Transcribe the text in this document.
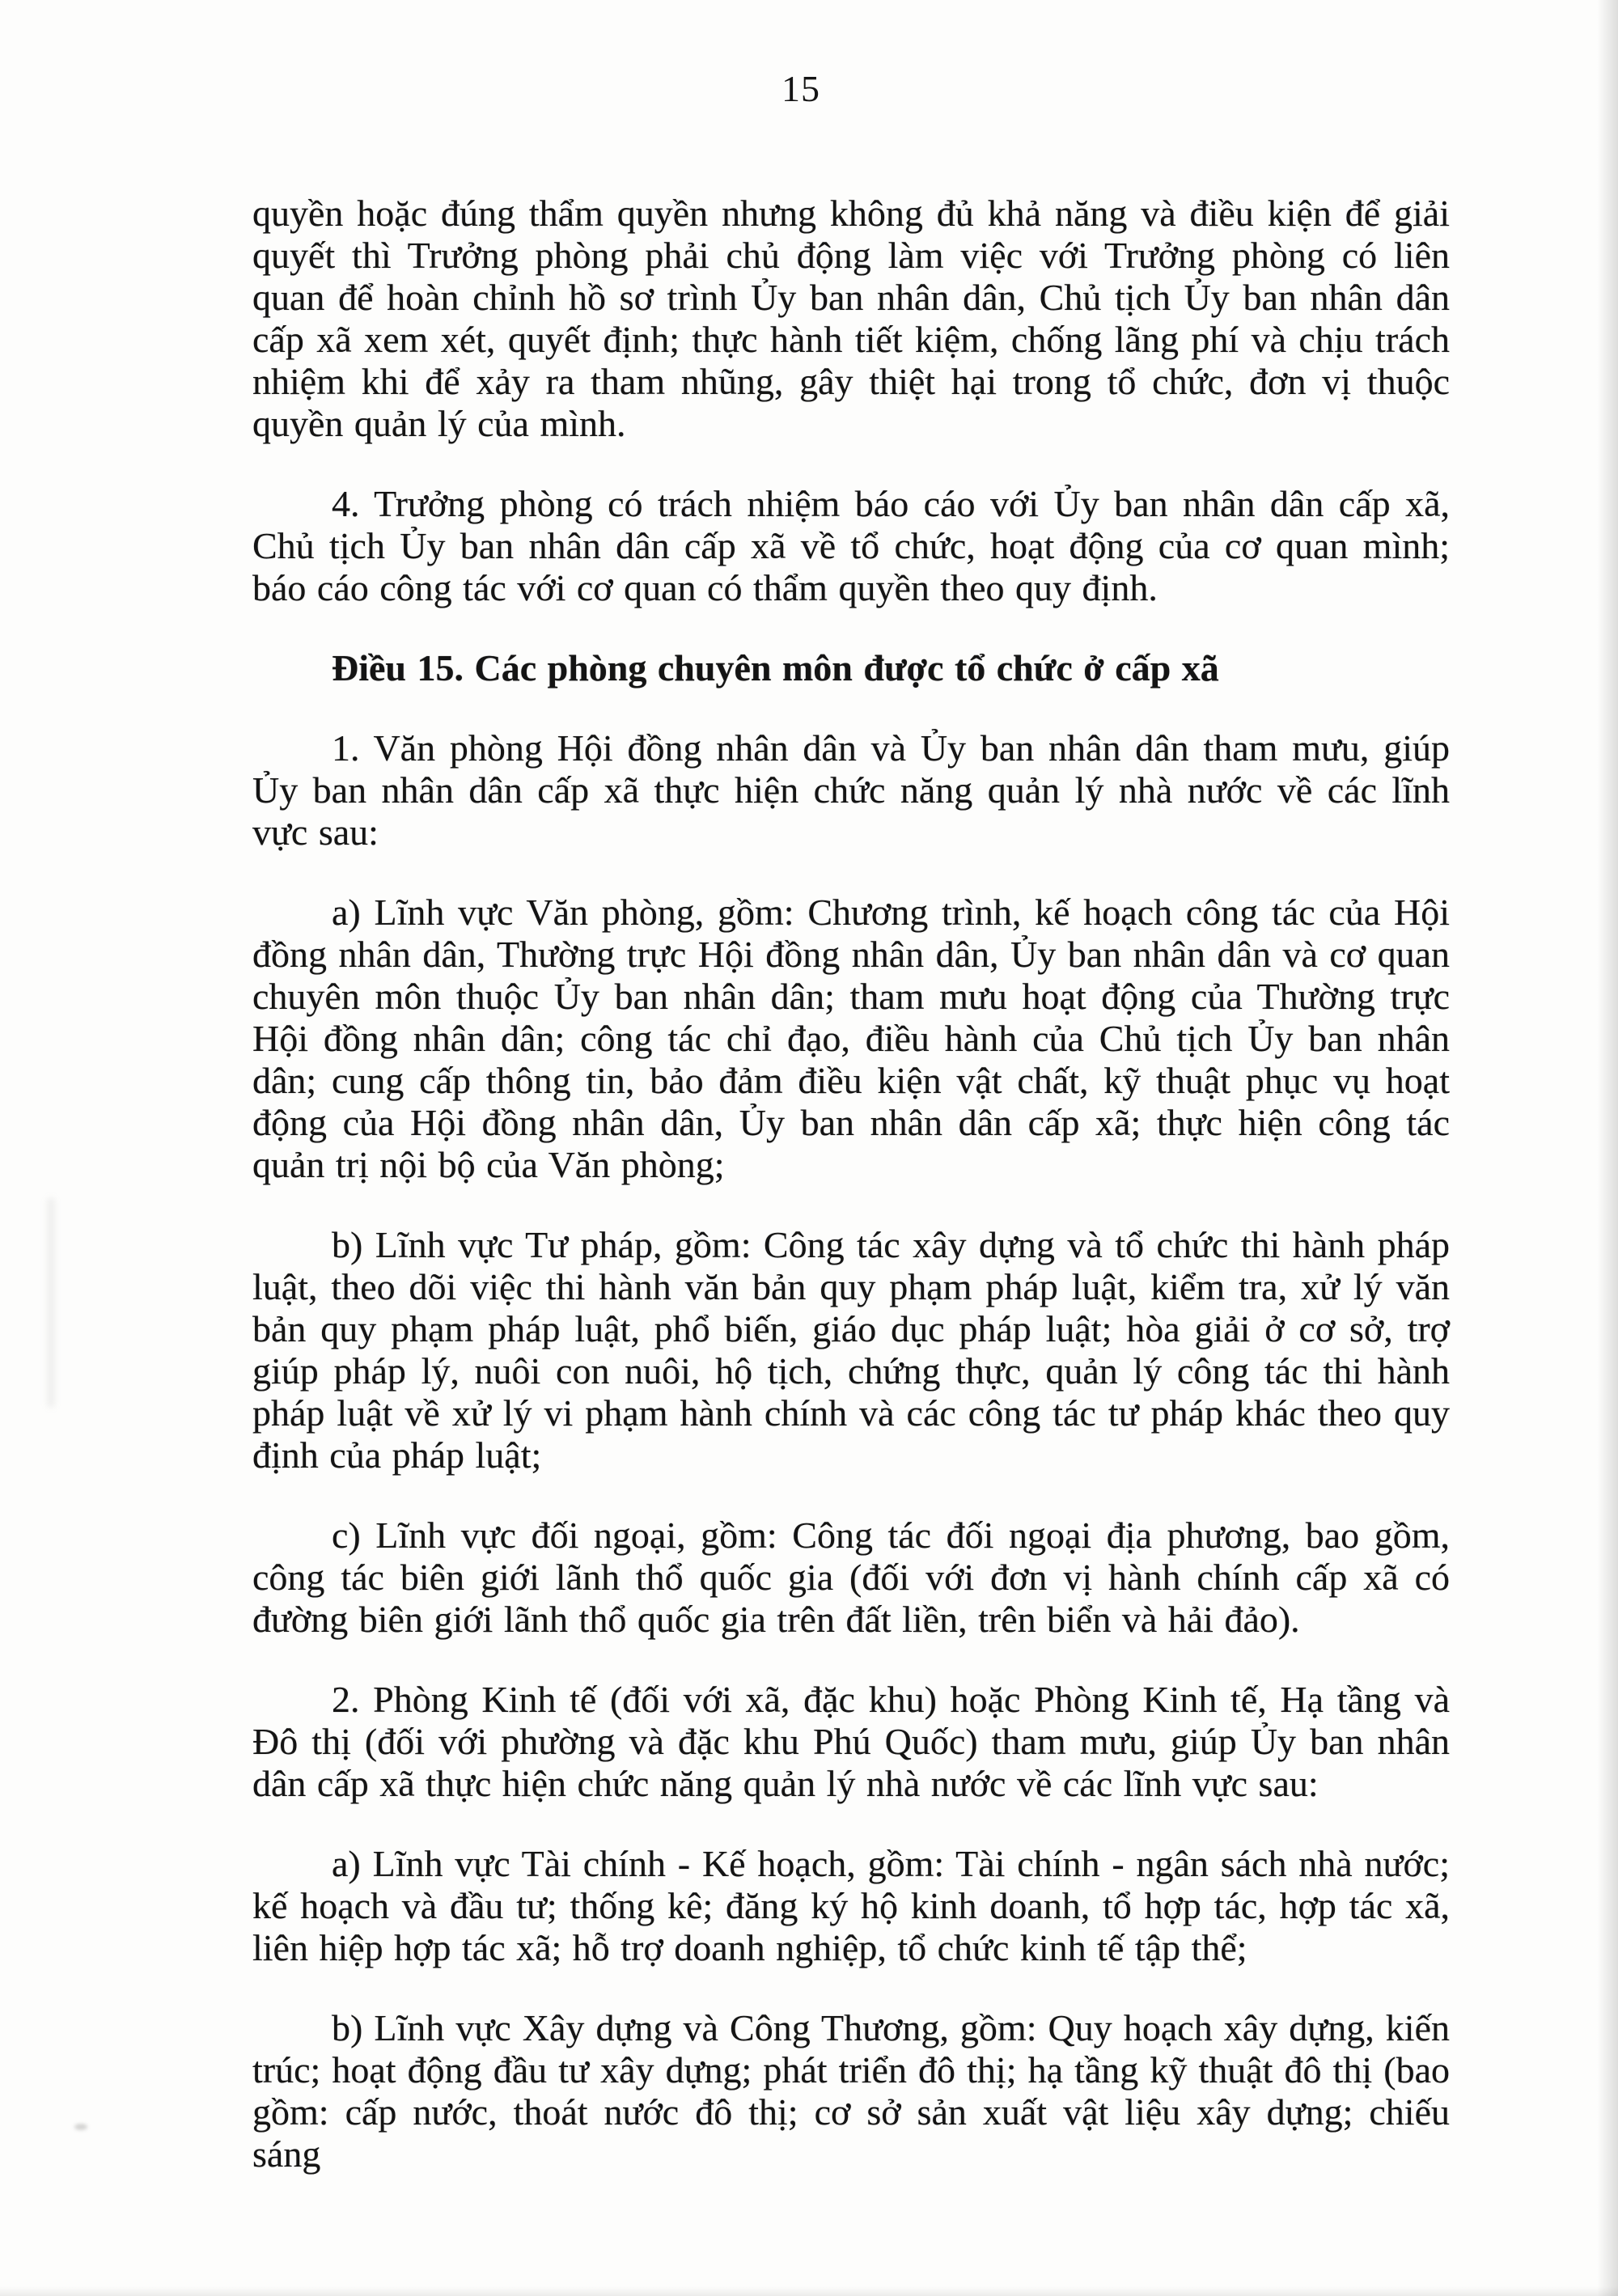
15

quyền hoặc đúng thẩm quyền nhưng không đủ khả năng và điều kiện để giải quyết thì Trưởng phòng phải chủ động làm việc với Trưởng phòng có liên quan để hoàn chỉnh hồ sơ trình Ủy ban nhân dân, Chủ tịch Ủy ban nhân dân cấp xã xem xét, quyết định; thực hành tiết kiệm, chống lãng phí và chịu trách nhiệm khi để xảy ra tham nhũng, gây thiệt hại trong tổ chức, đơn vị thuộc quyền quản lý của mình.

4. Trưởng phòng có trách nhiệm báo cáo với Ủy ban nhân dân cấp xã, Chủ tịch Ủy ban nhân dân cấp xã về tổ chức, hoạt động của cơ quan mình; báo cáo công tác với cơ quan có thẩm quyền theo quy định.

Điều 15. Các phòng chuyên môn được tổ chức ở cấp xã

1. Văn phòng Hội đồng nhân dân và Ủy ban nhân dân tham mưu, giúp Ủy ban nhân dân cấp xã thực hiện chức năng quản lý nhà nước về các lĩnh vực sau:

a) Lĩnh vực Văn phòng, gồm: Chương trình, kế hoạch công tác của Hội đồng nhân dân, Thường trực Hội đồng nhân dân, Ủy ban nhân dân và cơ quan chuyên môn thuộc Ủy ban nhân dân; tham mưu hoạt động của Thường trực Hội đồng nhân dân; công tác chỉ đạo, điều hành của Chủ tịch Ủy ban nhân dân; cung cấp thông tin, bảo đảm điều kiện vật chất, kỹ thuật phục vụ hoạt động của Hội đồng nhân dân, Ủy ban nhân dân cấp xã; thực hiện công tác quản trị nội bộ của Văn phòng;

b) Lĩnh vực Tư pháp, gồm: Công tác xây dựng và tổ chức thi hành pháp luật, theo dõi việc thi hành văn bản quy phạm pháp luật, kiểm tra, xử lý văn bản quy phạm pháp luật, phổ biến, giáo dục pháp luật; hòa giải ở cơ sở, trợ giúp pháp lý, nuôi con nuôi, hộ tịch, chứng thực, quản lý công tác thi hành pháp luật về xử lý vi phạm hành chính và các công tác tư pháp khác theo quy định của pháp luật;

c) Lĩnh vực đối ngoại, gồm: Công tác đối ngoại địa phương, bao gồm, công tác biên giới lãnh thổ quốc gia (đối với đơn vị hành chính cấp xã có đường biên giới lãnh thổ quốc gia trên đất liền, trên biển và hải đảo).

2. Phòng Kinh tế (đối với xã, đặc khu) hoặc Phòng Kinh tế, Hạ tầng và Đô thị (đối với phường và đặc khu Phú Quốc) tham mưu, giúp Ủy ban nhân dân cấp xã thực hiện chức năng quản lý nhà nước về các lĩnh vực sau:

a) Lĩnh vực Tài chính - Kế hoạch, gồm: Tài chính - ngân sách nhà nước; kế hoạch và đầu tư; thống kê; đăng ký hộ kinh doanh, tổ hợp tác, hợp tác xã, liên hiệp hợp tác xã; hỗ trợ doanh nghiệp, tổ chức kinh tế tập thể;

b) Lĩnh vực Xây dựng và Công Thương, gồm: Quy hoạch xây dựng, kiến trúc; hoạt động đầu tư xây dựng; phát triển đô thị; hạ tầng kỹ thuật đô thị (bao gồm: cấp nước, thoát nước đô thị; cơ sở sản xuất vật liệu xây dựng; chiếu sáng
